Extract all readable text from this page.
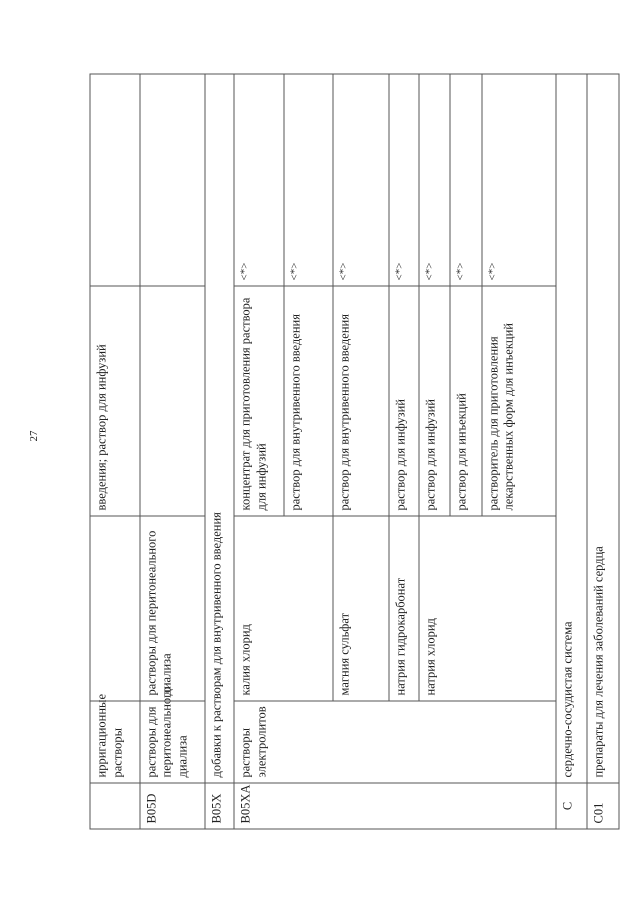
27
	ирригационные растворы		введения; раствор для инфузий	
B05D	растворы для перитонеального диализа	растворы для перитонеального диализа		
B05X	добавки к растворам для внутривенного введения			
B05XA	растворы электролитов	калия хлорид	концентрат для приготовления раствора для инфузий	<*>
			раствор для внутривенного введения	<*>
		магния сульфат	раствор для внутривенного введения	<*>
		натрия гидрокарбонат	раствор для инфузий	<*>
		натрия хлорид	раствор для инфузий	<*>
			раствор для инъекций	<*>
			растворитель для приготовления лекарственных форм для инъекций	<*>
C	сердечно-сосудистая система			
C01	препараты для лечения заболеваний сердца			
